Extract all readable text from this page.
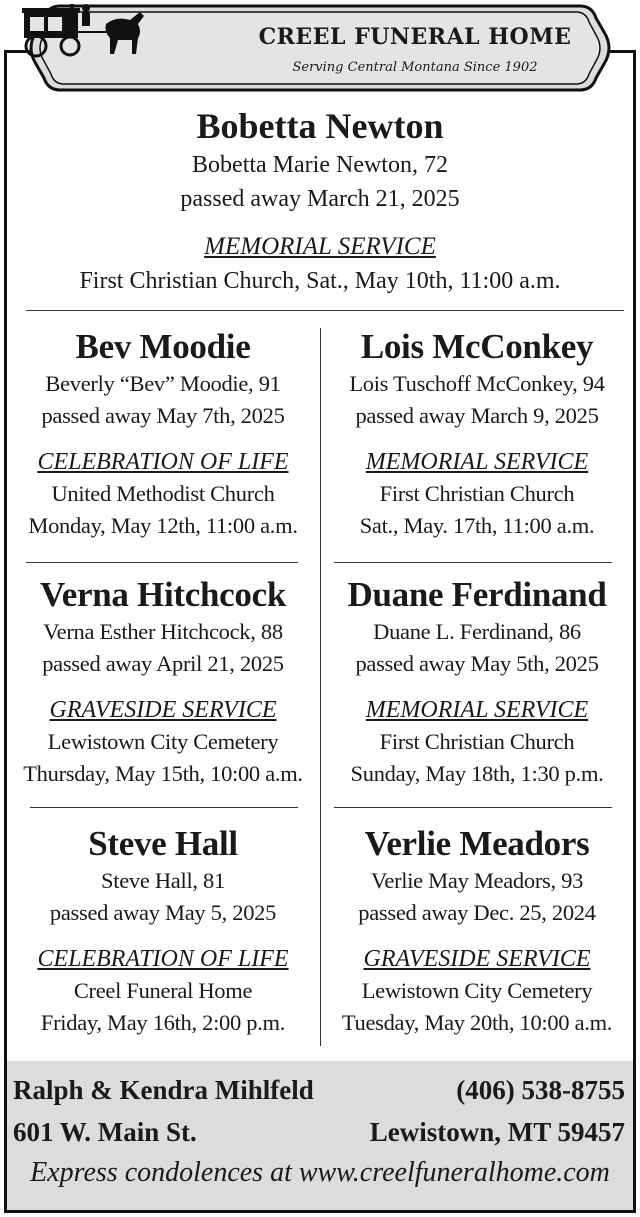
CREEL FUNERAL HOME
Serving Central Montana Since 1902
Bobetta Newton
Bobetta Marie Newton, 72
passed away March 21, 2025
MEMORIAL SERVICE
First Christian Church, Sat., May 10th, 11:00 a.m.
Bev Moodie
Beverly “Bev” Moodie, 91
passed away May 7th, 2025
CELEBRATION OF LIFE
United Methodist Church
Monday, May 12th, 11:00 a.m.
Lois McConkey
Lois Tuschoff McConkey, 94
passed away March 9, 2025
MEMORIAL SERVICE
First Christian Church
Sat., May. 17th, 11:00 a.m.
Verna Hitchcock
Verna Esther Hitchcock, 88
passed away April 21, 2025
GRAVESIDE SERVICE
Lewistown City Cemetery
Thursday, May 15th, 10:00 a.m.
Duane Ferdinand
Duane L. Ferdinand, 86
passed away May 5th, 2025
MEMORIAL SERVICE
First Christian Church
Sunday, May 18th, 1:30 p.m.
Steve Hall
Steve Hall, 81
passed away May 5, 2025
CELEBRATION OF LIFE
Creel Funeral Home
Friday, May 16th, 2:00 p.m.
Verlie Meadors
Verlie May Meadors, 93
passed away Dec. 25, 2024
GRAVESIDE SERVICE
Lewistown City Cemetery
Tuesday, May 20th, 10:00 a.m.
Ralph & Kendra Mihlfeld	(406) 538-8755
601 W. Main St.	Lewistown, MT 59457
Express condolences at www.creelfuneralhome.com
